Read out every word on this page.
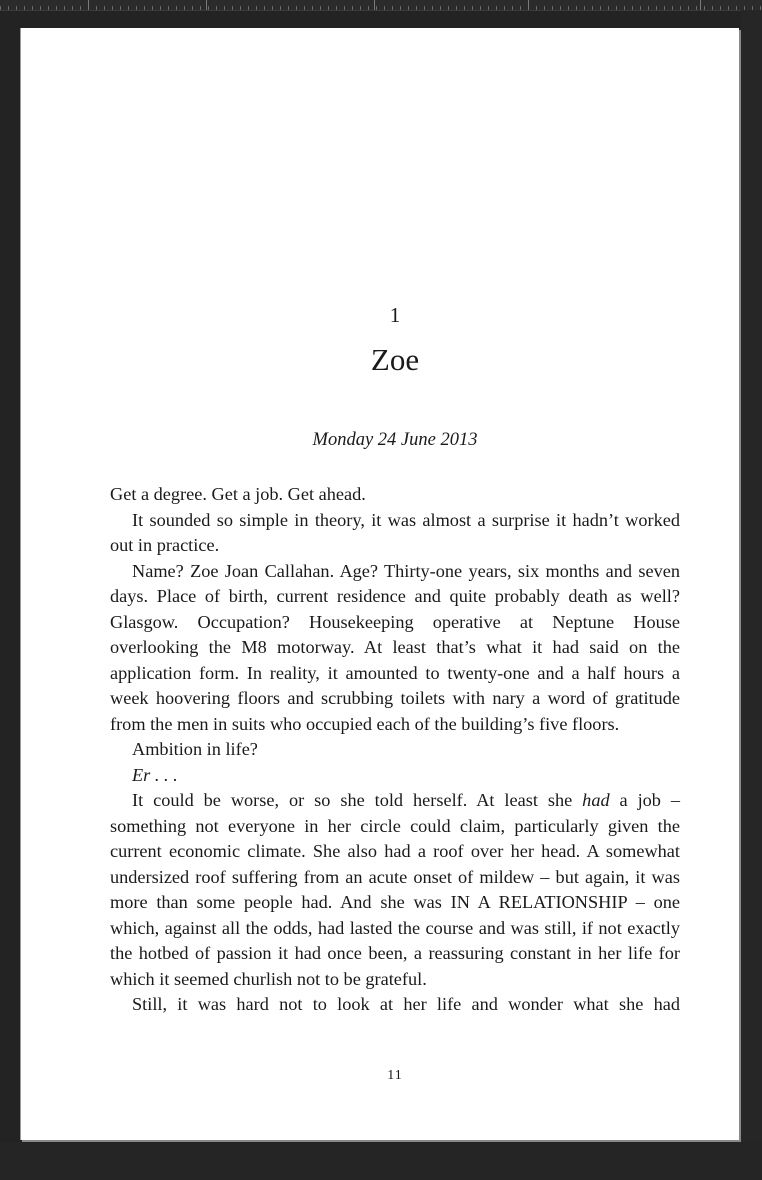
1
Zoe
Monday 24 June 2013

Get a degree. Get a job. Get ahead.

It sounded so simple in theory, it was almost a surprise it hadn’t worked out in practice.

Name? Zoe Joan Callahan. Age? Thirty-one years, six months and seven days. Place of birth, current residence and quite probably death as well? Glasgow. Occupation? Housekeeping operative at Neptune House overlooking the M8 motorway. At least that’s what it had said on the application form. In reality, it amounted to twenty-one and a half hours a week hoovering floors and scrubbing toilets with nary a word of gratitude from the men in suits who occupied each of the building’s five floors.

Ambition in life?

Er . . .

It could be worse, or so she told herself. At least she had a job – something not everyone in her circle could claim, particularly given the current economic climate. She also had a roof over her head. A somewhat undersized roof suffering from an acute onset of mildew – but again, it was more than some people had. And she was IN A RELATIONSHIP – one which, against all the odds, had lasted the course and was still, if not exactly the hotbed of passion it had once been, a reassuring constant in her life for which it seemed churlish not to be grateful.

Still, it was hard not to look at her life and wonder what she had

11
